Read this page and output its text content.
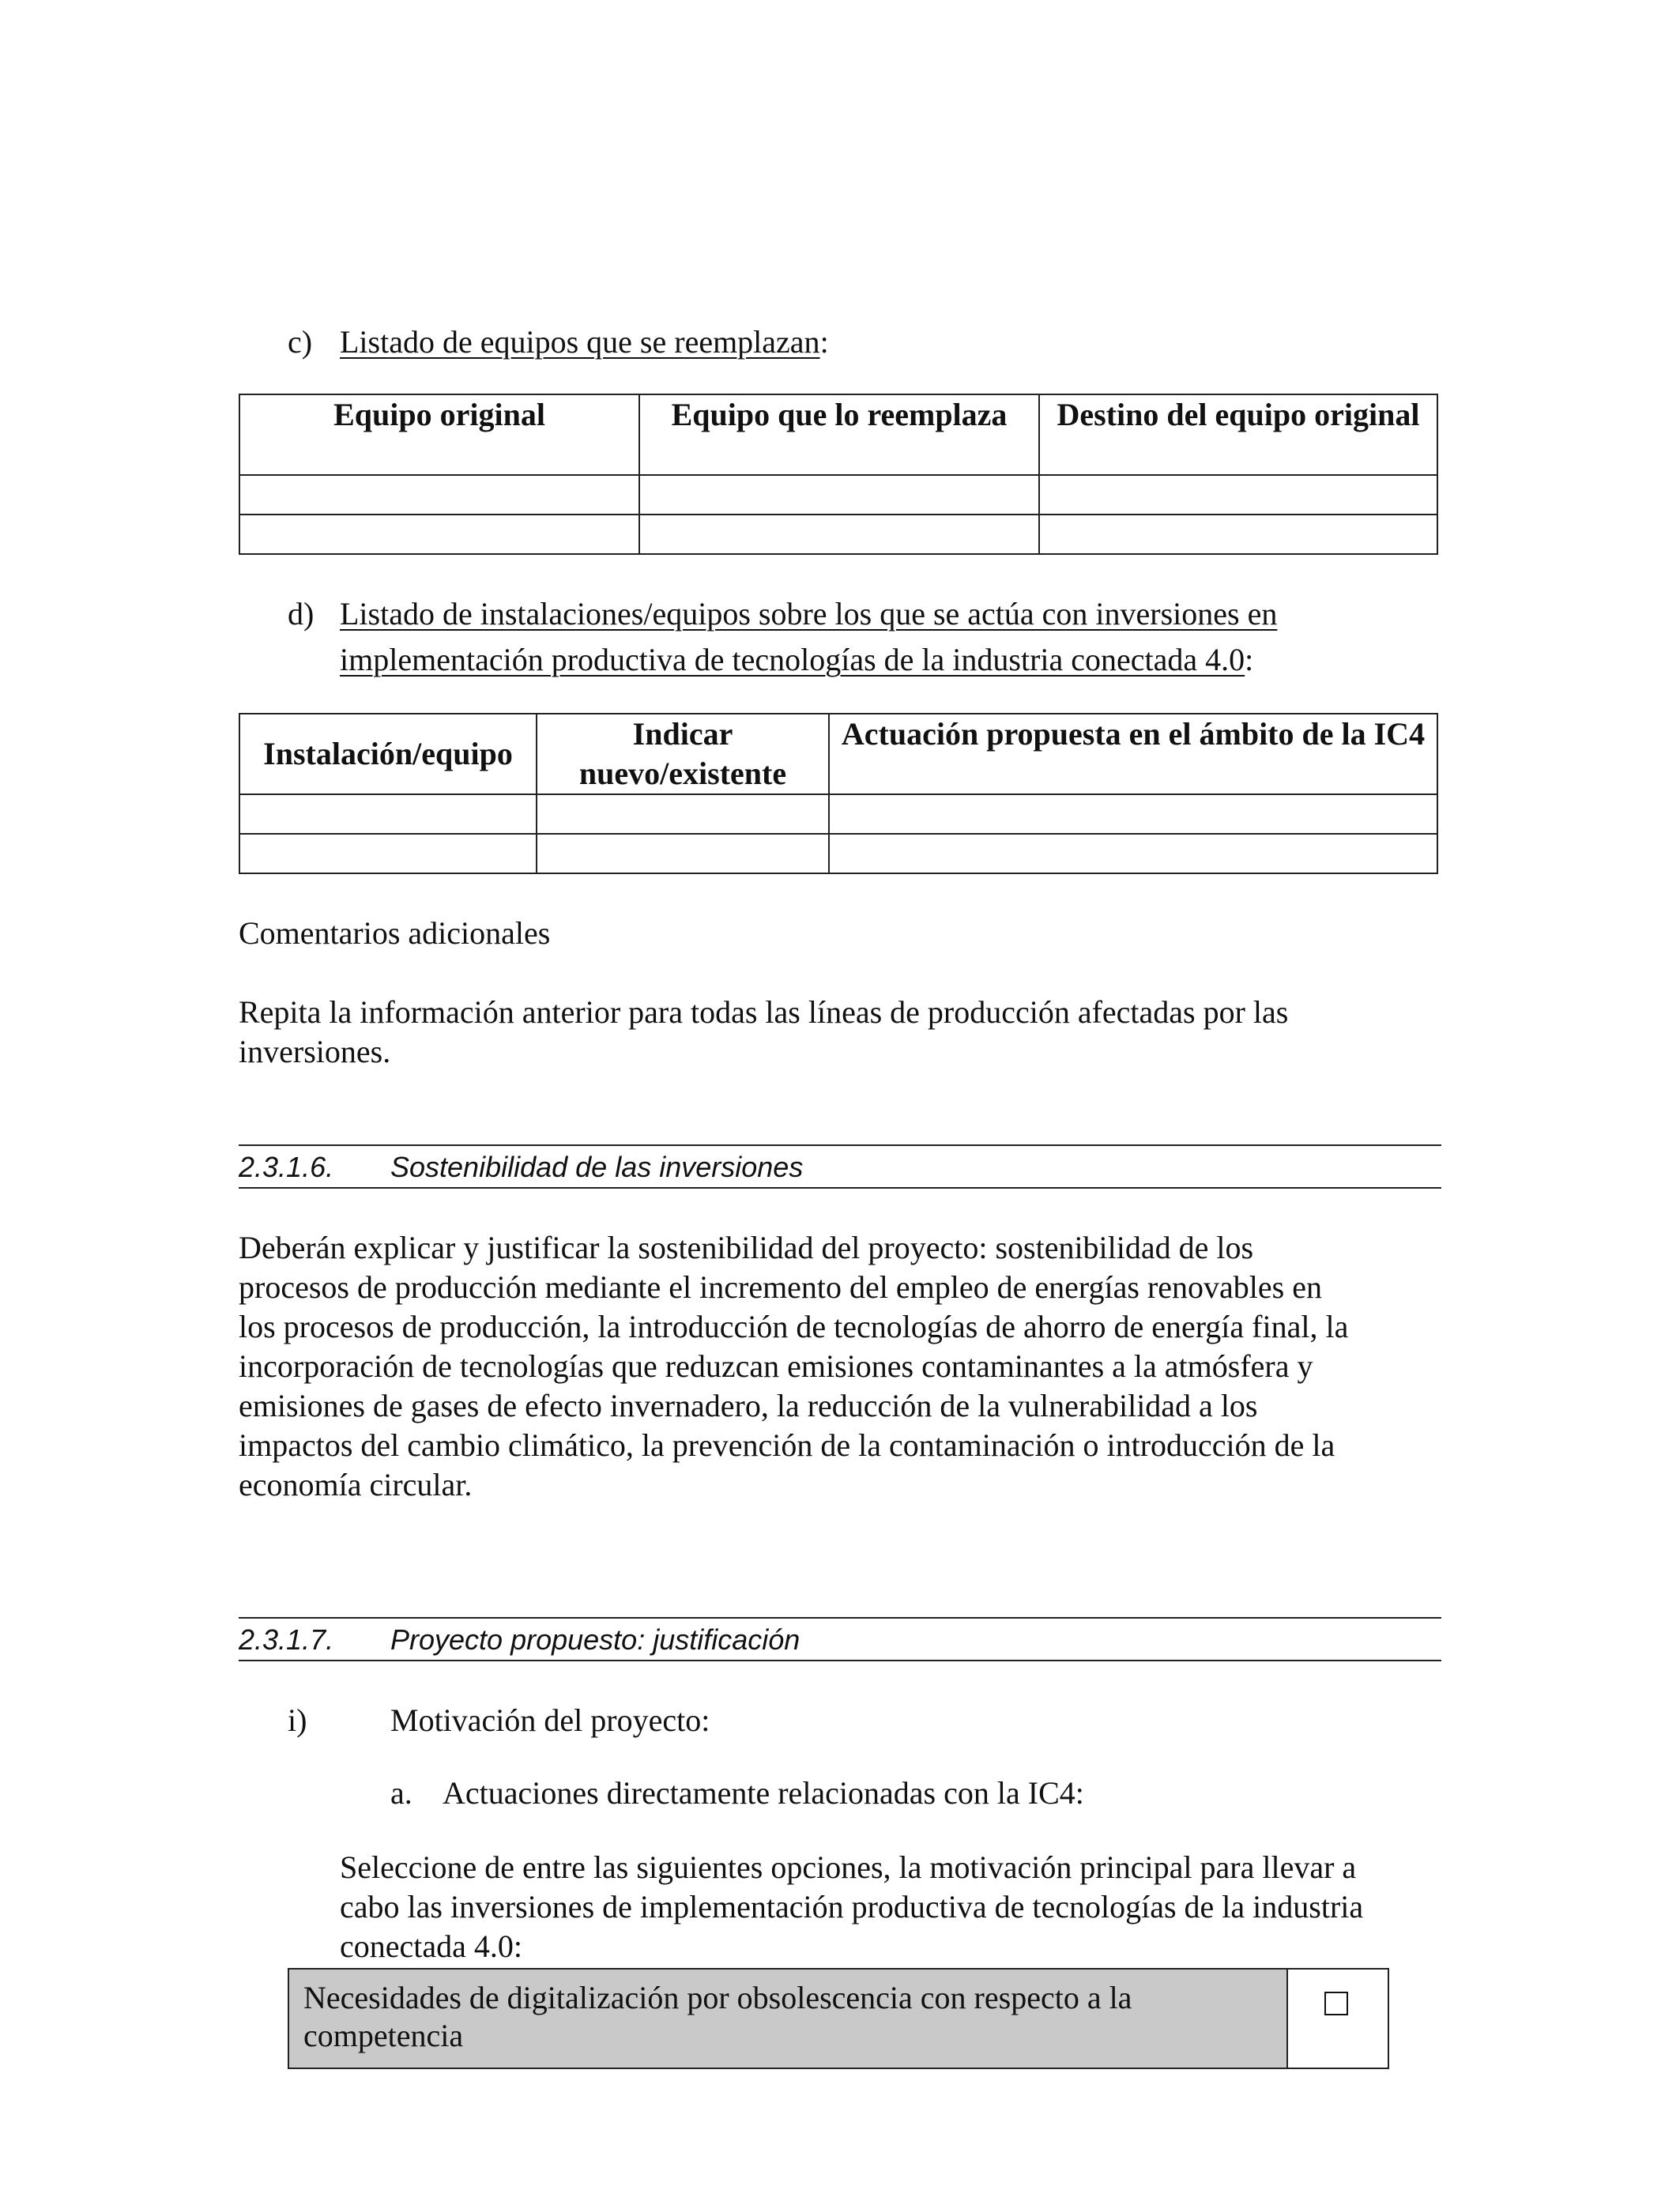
c) Listado de equipos que se reemplazan:
Equipo original	Equipo que lo reemplaza	Destino del equipo original

d) Listado de instalaciones/equipos sobre los que se actúa con inversiones en
implementación productiva de tecnologías de la industria conectada 4.0:
Instalación/equipo	Indicar nuevo/existente	Actuación propuesta en el ámbito de la IC4

Comentarios adicionales
Repita la información anterior para todas las líneas de producción afectadas por las
inversiones.
2.3.1.6. Sostenibilidad de las inversiones
Deberán explicar y justificar la sostenibilidad del proyecto: sostenibilidad de los
procesos de producción mediante el incremento del empleo de energías renovables en
los procesos de producción, la introducción de tecnologías de ahorro de energía final, la
incorporación de tecnologías que reduzcan emisiones contaminantes a la atmósfera y
emisiones de gases de efecto invernadero, la reducción de la vulnerabilidad a los
impactos del cambio climático, la prevención de la contaminación o introducción de la
economía circular.
2.3.1.7. Proyecto propuesto: justificación
i)	Motivación del proyecto:
a. Actuaciones directamente relacionadas con la IC4:
Seleccione de entre las siguientes opciones, la motivación principal para llevar a
cabo las inversiones de implementación productiva de tecnologías de la industria
conectada 4.0:
Necesidades de digitalización por obsolescencia con respecto a la
competencia
